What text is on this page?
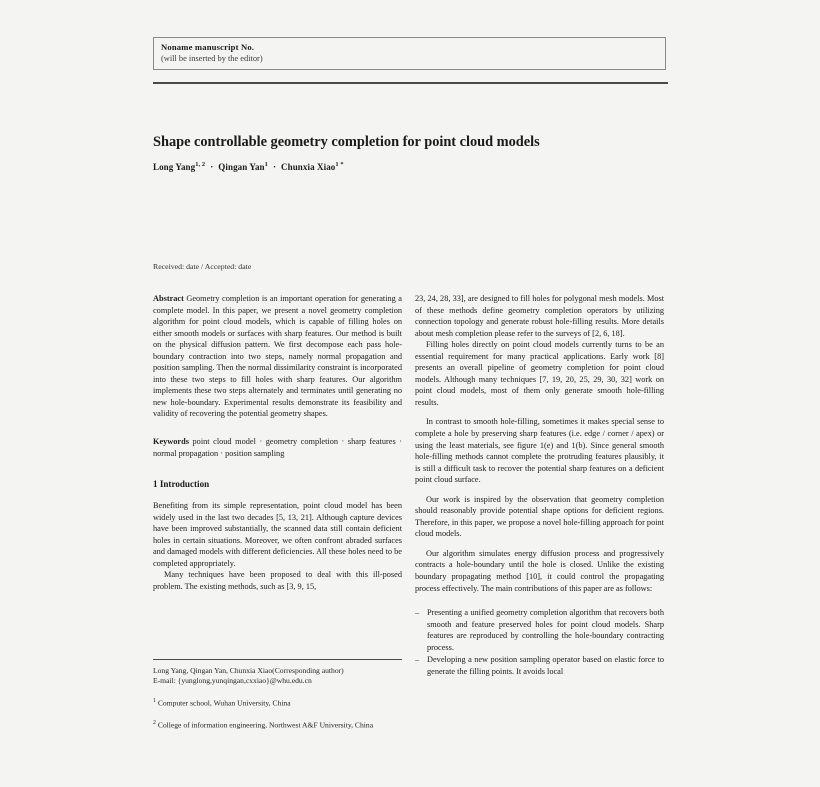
Noname manuscript No.
(will be inserted by the editor)
Shape controllable geometry completion for point cloud models
Long Yang$^{1, 2}$ · Qingan Yan$^1$ · Chunxia Xiao$^{1 *}$
Received: date / Accepted: date

Abstract Geometry completion is an important operation for generating a complete model. In this paper, we present a novel geometry completion algorithm for point cloud models, which is capable of filling holes on either smooth models or surfaces with sharp features. Our method is built on the physical diffusion pattern. We first decompose each pass hole-boundary contraction into two steps, namely normal propagation and position sampling. Then the normal dissimilarity constraint is incorporated into these two steps to fill holes with sharp features. Our algorithm implements these two steps alternately and terminates until generating no new hole-boundary. Experimental results demonstrate its feasibility and validity of recovering the potential geometry shapes.

Keywords point cloud model · geometry completion · sharp features · normal propagation · position sampling

1 Introduction

Benefiting from its simple representation, point cloud model has been widely used in the last two decades [5, 13, 21]. Although capture devices have been improved substantially, the scanned data still contain deficient holes in certain situations. Moreover, we often confront abraded surfaces and damaged models with different deficiencies. All these holes need to be completed appropriately.

Many techniques have been proposed to deal with this ill-posed problem. The existing methods, such as [3, 9, 15,

23, 24, 28, 33], are designed to fill holes for polygonal mesh models. Most of these methods define geometry completion operators by utilizing connection topology and generate robust hole-filling results. More details about mesh completion please refer to the surveys of [2, 6, 18].

Filling holes directly on point cloud models currently turns to be an essential requirement for many practical applications. Early work [8] presents an overall pipeline of geometry completion for point cloud models. Although many techniques [7, 19, 20, 25, 29, 30, 32] work on point cloud models, most of them only generate smooth hole-filling results.

In contrast to smooth hole-filling, sometimes it makes special sense to complete a hole by preserving sharp features (i.e. edge / corner / apex) or using the least materials, see figure 1(e) and 1(b). Since general smooth hole-filling methods cannot complete the protruding features plausibly, it is still a difficult task to recover the potential sharp features on a deficient point cloud surface.

Our work is inspired by the observation that geometry completion should reasonably provide potential shape options for deficient regions. Therefore, in this paper, we propose a novel hole-filling approach for point cloud models.

Our algorithm simulates energy diffusion process and progressively contracts a hole-boundary until the hole is closed. Unlike the existing boundary propagating method [10], it could control the propagating process effectively. The main contributions of this paper are as follows:

– Presenting a unified geometry completion algorithm that recovers both smooth and feature preserved holes for point cloud models. Sharp features are reproduced by controlling the hole-boundary contracting process.
– Developing a new position sampling operator based on elastic force to generate the filling points. It avoids local
Long Yang, Qingan Yan, Chunxia Xiao(Corresponding author)
E-mail: {yunglong,yunqingan,cxxiao}@whu.edu.cn
$^1$ Computer school, Wuhan University, China
$^2$ College of information engineering, Northwest A&F University, China
